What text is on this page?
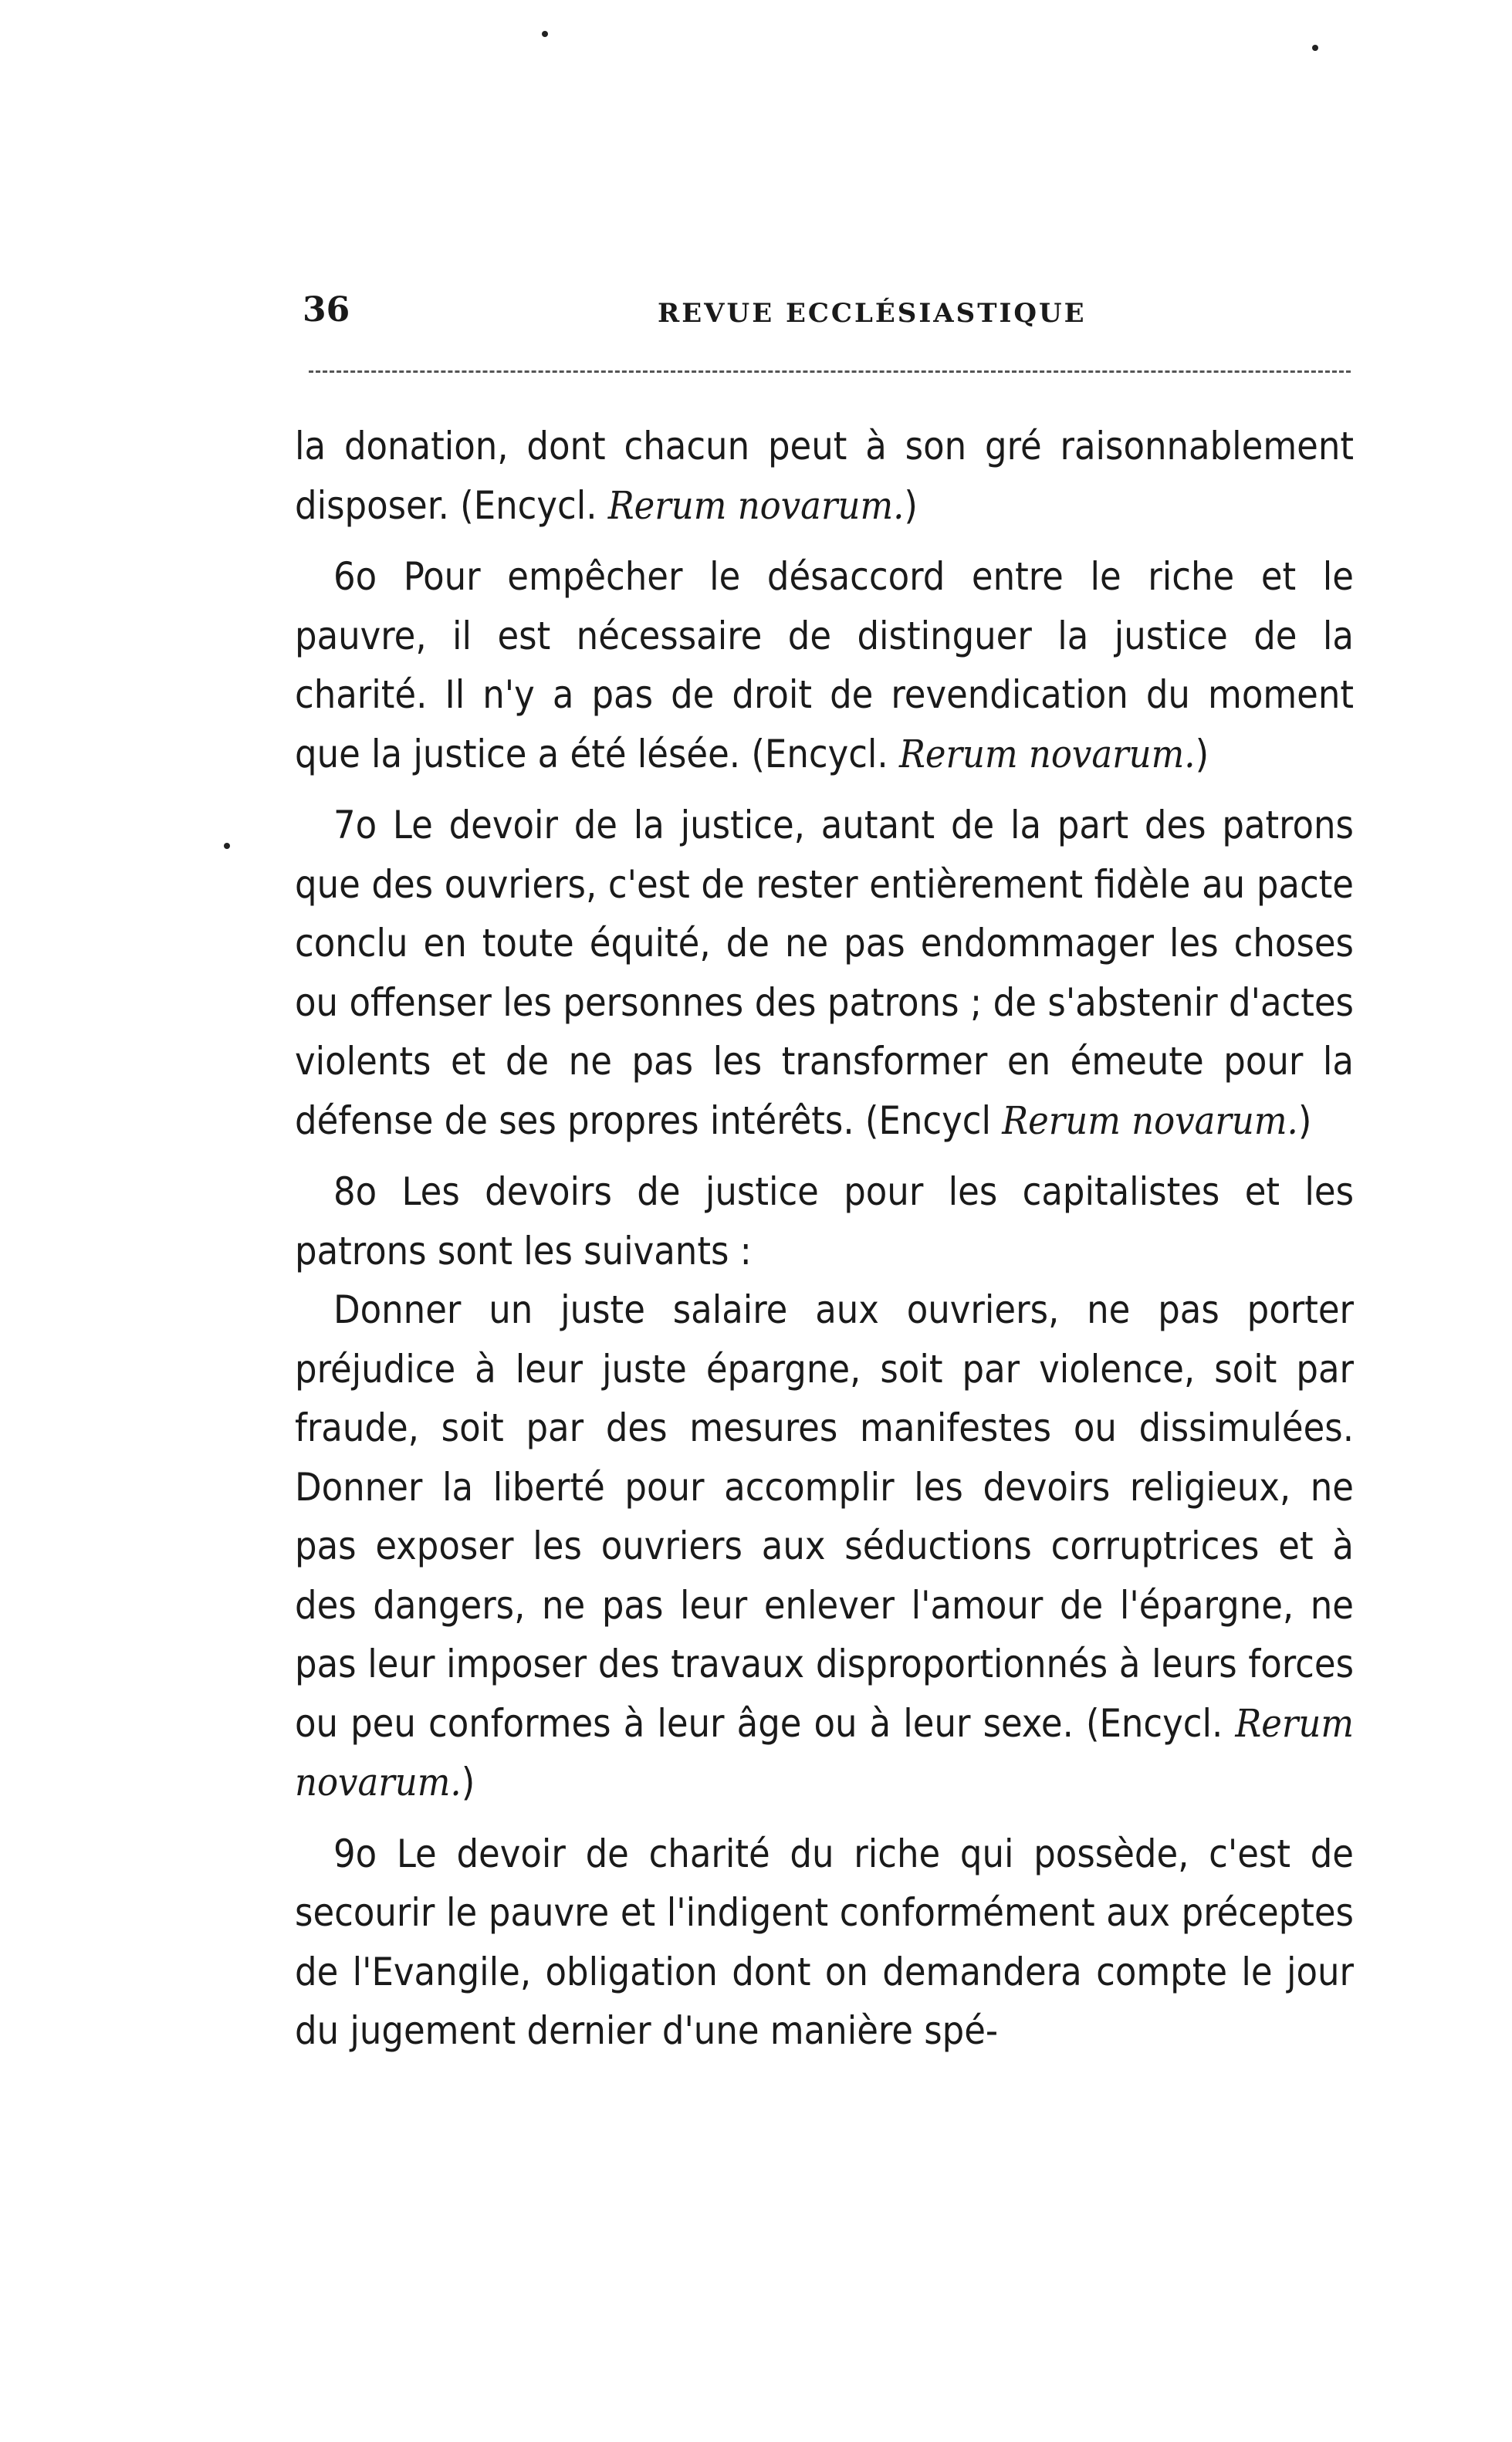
36	REVUE ECCLÉSIASTIQUE

la donation, dont chacun peut à son gré raisonnablement disposer. (Encycl. Rerum novarum.)

6o Pour empêcher le désaccord entre le riche et le pauvre, il est nécessaire de distinguer la justice de la charité. Il n'y a pas de droit de revendication du moment que la justice a été lésée. (Encycl. Rerum novarum.)

7o Le devoir de la justice, autant de la part des patrons que des ouvriers, c'est de rester entièrement fidèle au pacte conclu en toute équité, de ne pas endommager les choses ou offenser les personnes des patrons ; de s'abstenir d'actes violents et de ne pas les transformer en émeute pour la défense de ses propres intérêts. (Encycl Rerum novarum.)

8o Les devoirs de justice pour les capitalistes et les patrons sont les suivants :

Donner un juste salaire aux ouvriers, ne pas porter préjudice à leur juste épargne, soit par violence, soit par fraude, soit par des mesures manifestes ou dissimulées. Donner la liberté pour accomplir les devoirs religieux, ne pas exposer les ouvriers aux séductions corruptrices et à des dangers, ne pas leur enlever l'amour de l'épargne, ne pas leur imposer des travaux disproportionnés à leurs forces ou peu conformes à leur âge ou à leur sexe. (Encycl. Rerum novarum.)

9o Le devoir de charité du riche qui possède, c'est de secourir le pauvre et l'indigent conformément aux préceptes de l'Evangile, obligation dont on demandera compte le jour du jugement dernier d'une manière spé-
